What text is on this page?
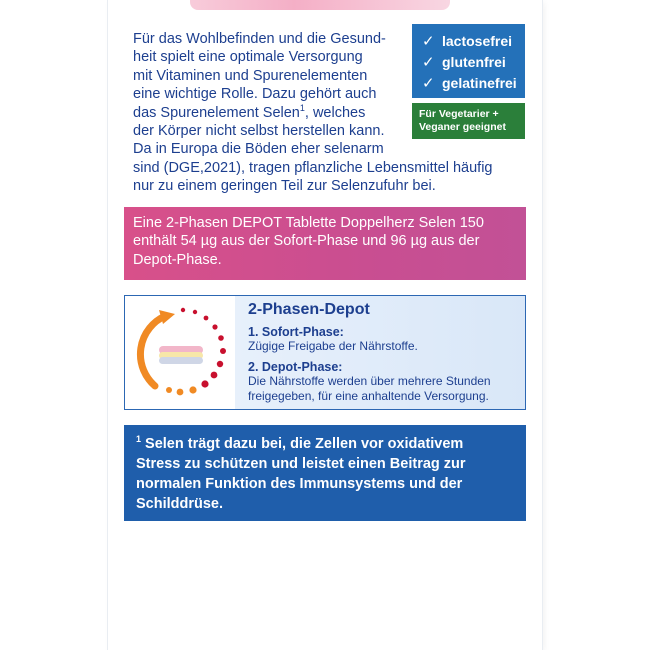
Für das Wohlbefinden und die Gesund-
heit spielt eine optimale Versorgung
mit Vitaminen und Spurenelementen
eine wichtige Rolle. Dazu gehört auch
das Spurenelement Selen$^1$, welches
der Körper nicht selbst herstellen kann.
Da in Europa die Böden eher selenarm
sind (DGE,2021), tragen pflanzliche Lebensmittel häufig
nur zu einem geringen Teil zur Selenzufuhr bei.
✓ lactosefrei
✓ glutenfrei
✓ gelatinefrei
Für Vegetarier +
Veganer geeignet
Eine 2-Phasen DEPOT Tablette Doppelherz Selen 150
enthält 54 µg aus der Sofort-Phase und 96 µg aus der
Depot-Phase.
2-Phasen-Depot
1. Sofort-Phase:
Zügige Freigabe der Nährstoffe.
2. Depot-Phase:
Die Nährstoffe werden über mehrere Stunden
freigegeben, für eine anhaltende Versorgung.
$^1$ Selen trägt dazu bei, die Zellen vor oxidativem
Stress zu schützen und leistet einen Beitrag zur
normalen Funktion des Immunsystems und der
Schilddrüse.
